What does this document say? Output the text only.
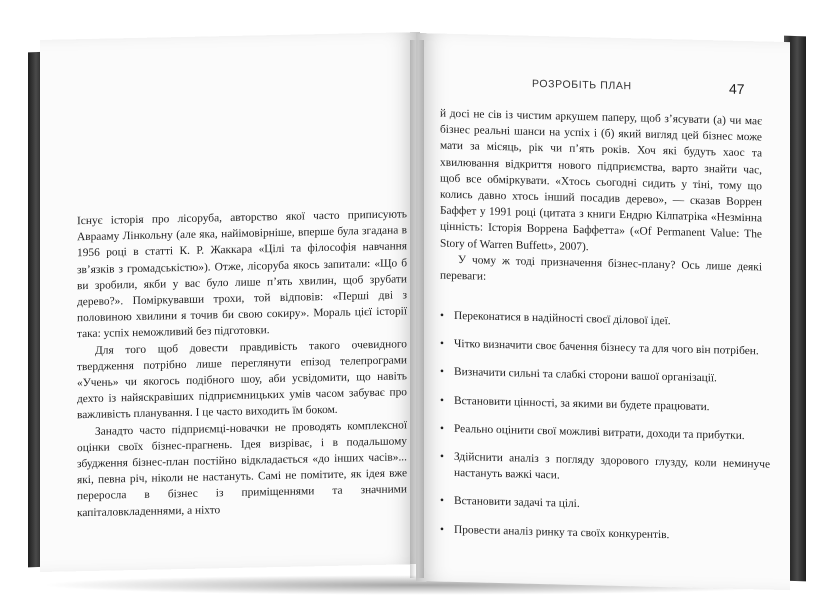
Існує історія про лісоруба, авторство якої часто приписують Аврааму Лінкольну (але яка, найімовірніше, вперше була згадана в 1956 році в статті К. Р. Жаккара «Цілі та філософія навчання зв’язків з громадськістю»). Отже, лісоруба якось запитали: «Що б ви зробили, якби у вас було лише п’ять хвилин, щоб зрубати дерево?». Поміркувавши трохи, той відповів: «Перші дві з половиною хвилини я точив би свою сокиру». Мораль цієї історії така: успіх неможливий без підготовки.

Для того щоб довести правдивість такого очевидного твердження потрібно лише переглянути епізод телепрограми «Учень» чи якогось подібного шоу, аби усвідомити, що навіть дехто із найяскравіших підприємницьких умів часом забуває про важливість планування. І це часто виходить їм боком.

Занадто часто підприємці-новачки не проводять комплексної оцінки своїх бізнес-прагнень. Ідея визріває, і в подальшому збудження бізнес-план постійно відкладається «до інших часів»... які, певна річ, ніколи не настануть. Самі не помітите, як ідея вже переросла в бізнес із приміщеннями та значними капіталовкладеннями, а ніхто

РОЗРОБІТЬ ПЛАН	47

й досі не сів із чистим аркушем паперу, щоб з’ясувати (а) чи має бізнес реальні шанси на успіх і (б) який вигляд цей бізнес може мати за місяць, рік чи п’ять років. Хоч які будуть хаос та хвилювання відкриття нового підприємства, варто знайти час, щоб все обміркувати. «Хтось сьогодні сидить у тіні, тому що колись давно хтось інший посадив дерево», — сказав Воррен Баффет у 1991 році (цитата з книги Ендрю Кілпатріка «Незмінна цінність: Історія Воррена Баффетта» («Of Permanent Value: The Story of Warren Buffett», 2007).

У чому ж тоді призначення бізнес-плану? Ось лише деякі переваги:

• Переконатися в надійності своєї ділової ідеї.
• Чітко визначити своє бачення бізнесу та для чого він потрібен.
• Визначити сильні та слабкі сторони вашої організації.
• Встановити цінності, за якими ви будете працювати.
• Реально оцінити свої можливі витрати, доходи та прибутки.
• Здійснити аналіз з погляду здорового глузду, коли неминуче настануть важкі часи.
• Встановити задачі та цілі.
• Провести аналіз ринку та своїх конкурентів.
